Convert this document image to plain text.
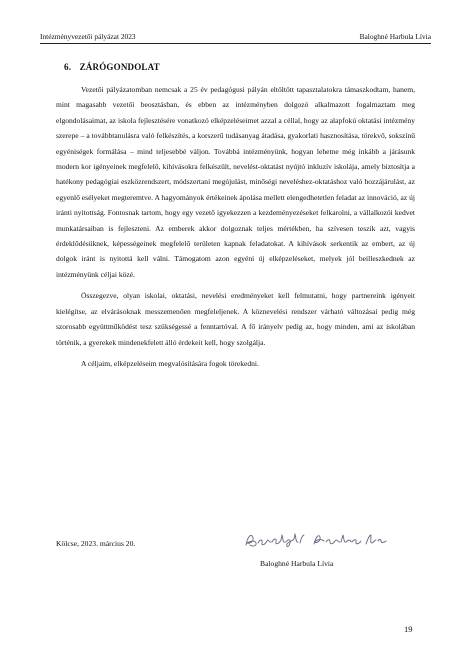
Intézményvezetői pályázat 2023	Baloghné Harbula Lívia
6. ZÁRÓGONDOLAT

Vezetői pályázatomban nemcsak a 25 év pedagógusi pályán eltöltött tapasztalatokra támaszkodtam, hanem, mint magasabb vezetői beosztásban, és ebben az intézményben dolgozó alkalmazott fogalmaztam meg elgondolásaimat, az iskola fejlesztésére vonatkozó elképzeléseimet azzal a céllal, hogy az alapfokú oktatási intézmény szerepe – a továbbtanulásra való felkészítés, a korszerű tudásanyag átadása, gyakorlati hasznosítása, törekvő, sokszínű egyéniségek formálása – mind teljesebbé váljon. Továbbá intézményünk, hogyan lehetne még inkább a járásunk modern kor igényeinek megfelelő, kihívásokra felkészült, nevelést-oktatást nyújtó inkluzív iskolája, amely biztosítja a hatékony pedagógiai eszközrendszert, módszertani megújulást, minőségi neveléshez-oktatáshoz való hozzájárulást, az egyenlő esélyeket megteremtve. A hagyományok értékeinek ápolása mellett elengedhetetlen feladat az innováció, az új iránti nyitottság. Fontosnak tartom, hogy egy vezető igyekezzen a kezdeményezéseket felkarolni, a vállalkozói kedvet munkatársaiban is fejleszteni. Az emberek akkor dolgoznak teljes mértékben, ha szívesen teszik azt, vagyis érdeklődésüknek, képességeinek megfelelő területen kapnak feladatokat. A kihívások serkentik az embert, az új dolgok iránt is nyitottá kell válni. Támogatom azon egyéni új elképzeléseket, melyek jól beilleszkednek az intézményünk céljai közé.

Összegezve, olyan iskolai, oktatási, nevelési eredményeket kell felmutatni, hogy partnereink igényeit kielégítse, az elvárásoknak messzemenően megfeleljenek. A köznevelési rendszer várható változásai pedig még szorosabb együttműködést tesz szükségessé a fenntartóval. A fő irányelv pedig az, hogy minden, ami az iskolában történik, a gyerekek mindenekfelett álló érdekeit kell, hogy szolgálja.

A céljaim, elképzeléseim megvalósítására fogok törekedni.

Kölcse, 2023. március 20.
Baloghné Harbula Lívia
19
